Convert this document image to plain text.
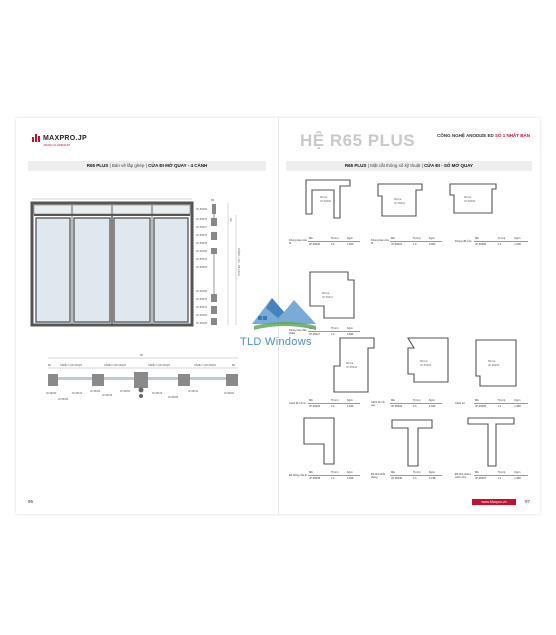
MAXPRO.JP
JAPAN ALUMINIUM
R65 PLUS | Bản vẽ lắp ghép | CỬA ĐI MỞ QUAY - 4 CÁNH
JP-65200
JP-65215
JP-65217
JP-65215
JP-65218
JP-65206
JP-65213
JP-65203
JP-65206
JP-65215
JP-65212
JP-65204
JP-65205
65
H2
CÁNH = H1 - 95 (mm)
W
CÁNH = (W-101)/4	CÁNH = (W-101)/4	CÁNH = (W-101)/4	CÁNH = (W-101)/4
60	60
JP-65200
JP-65203
JP-65213
JP-65206
JP-65215
JP-65204
JP-65216
JP-65205
JP-65212
JP-65201
96
HỆ R65 PLUS	CÔNG NGHỆ ANODIZE ED SỐ 1 NHẬT BẢN
R65 PLUS | Mặt cắt thông số kỹ thuật | CỬA ĐI - SỐ MỞ QUAY
Mã ba:
JP-65200
Mã ba:
JP-65201
Mã ba:
JP-65206
Mã ba:
JP-65217
Mã ba:
JP-65204
Mã ba:
JP-65203
Mã ba:
JP-65205
Khung bao cửa đi	Mã	T(mm)	Kg/m
	JP-65200	2.0	1.503
Khung bao cửa đi	Mã	T(mm)	Kg/m
	JP-65201	1.4	0.952
Khung đố cửa	Mã	T(mm)	Kg/m
	JP-65206	1.4	1.005
Khung bao đảo chiều		T(mm)	Kg/m
	JP-65217	1.4	0.894
Cánh đi mở ra	Mã	T(mm)	Kg/m
	JP-65204	2.0	1.930
Cánh đi mở vào	Mã	T(mm)	Kg/m
	JP-65203	2.0	1.930
Cánh sổ	Mã	T(mm)	Kg/m
	JP-65205	1.4	1.366
Đố động cửa đi	Mã	T(mm)	Kg/m
	JP-65208	1.4	1.366
Đố tĩnh khởi thang	Mã	T(mm)	Kg/m
	JP-65230	1.4	1.238
Đố tĩnh chia ô cánh cửa	Mã	T(mm)	Kg/m
	JP-65407	1.4	1.366
www.Maxpro.vn	97
TLD Windows
